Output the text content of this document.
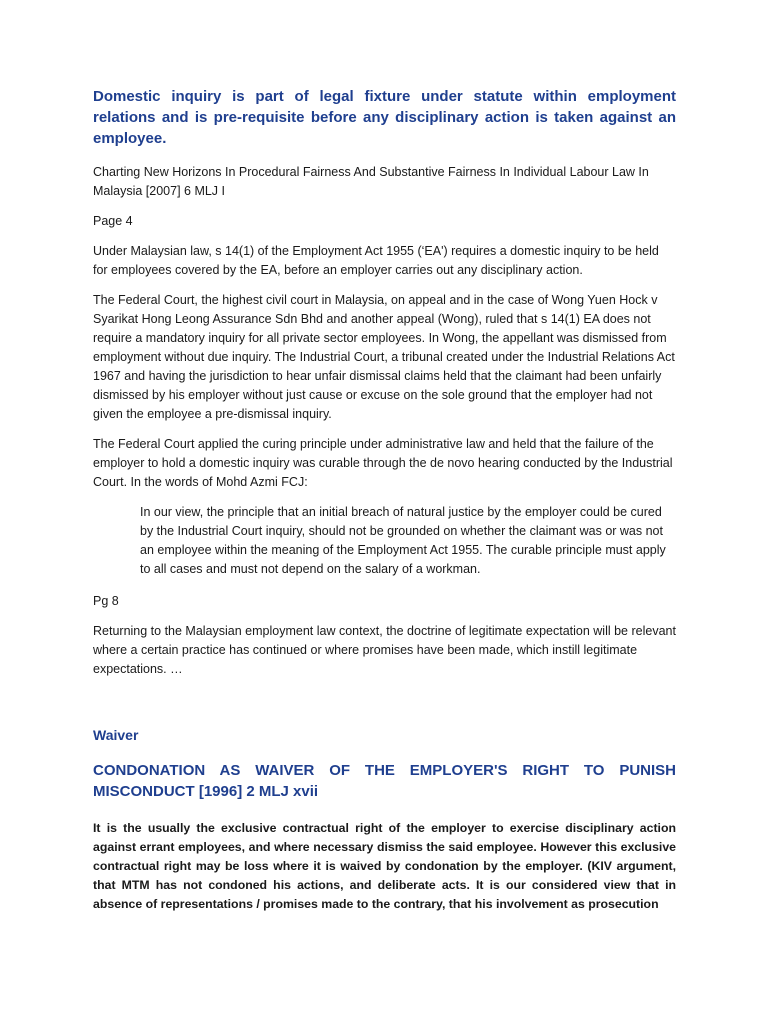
Domestic inquiry is part of legal fixture under statute within employment relations and is pre-requisite before any disciplinary action is taken against an employee.

Charting New Horizons In Procedural Fairness And Substantive Fairness In Individual Labour Law In Malaysia [2007] 6 MLJ I

Page 4

Under Malaysian law, s 14(1) of the Employment Act 1955 (‘EA') requires a domestic inquiry to be held for employees covered by the EA, before an employer carries out any disciplinary action.

The Federal Court, the highest civil court in Malaysia, on appeal and in the case of Wong Yuen Hock v Syarikat Hong Leong Assurance Sdn Bhd and another appeal (Wong), ruled that s 14(1) EA does not require a mandatory inquiry for all private sector employees. In Wong, the appellant was dismissed from employment without due inquiry. The Industrial Court, a tribunal created under the Industrial Relations Act 1967 and having the jurisdiction to hear unfair dismissal claims held that the claimant had been unfairly dismissed by his employer without just cause or excuse on the sole ground that the employer had not given the employee a pre-dismissal inquiry.

The Federal Court applied the curing principle under administrative law and held that the failure of the employer to hold a domestic inquiry was curable through the de novo hearing conducted by the Industrial Court. In the words of Mohd Azmi FCJ:

In our view, the principle that an initial breach of natural justice by the employer could be cured by the Industrial Court inquiry, should not be grounded on whether the claimant was or was not an employee within the meaning of the Employment Act 1955. The curable principle must apply to all cases and must not depend on the salary of a workman.

Pg 8

Returning to the Malaysian employment law context, the doctrine of legitimate expectation will be relevant where a certain practice has continued or where promises have been made, which instill legitimate expectations. …

Waiver
CONDONATION AS WAIVER OF THE EMPLOYER'S RIGHT TO PUNISH MISCONDUCT [1996] 2 MLJ xvii

It is the usually the exclusive contractual right of the employer to exercise disciplinary action against errant employees, and where necessary dismiss the said employee. However this exclusive contractual right may be loss where it is waived by condonation by the employer. (KIV argument, that MTM has not condoned his actions, and deliberate acts. It is our considered view that in absence of representations / promises made to the contrary, that his involvement as prosecution
